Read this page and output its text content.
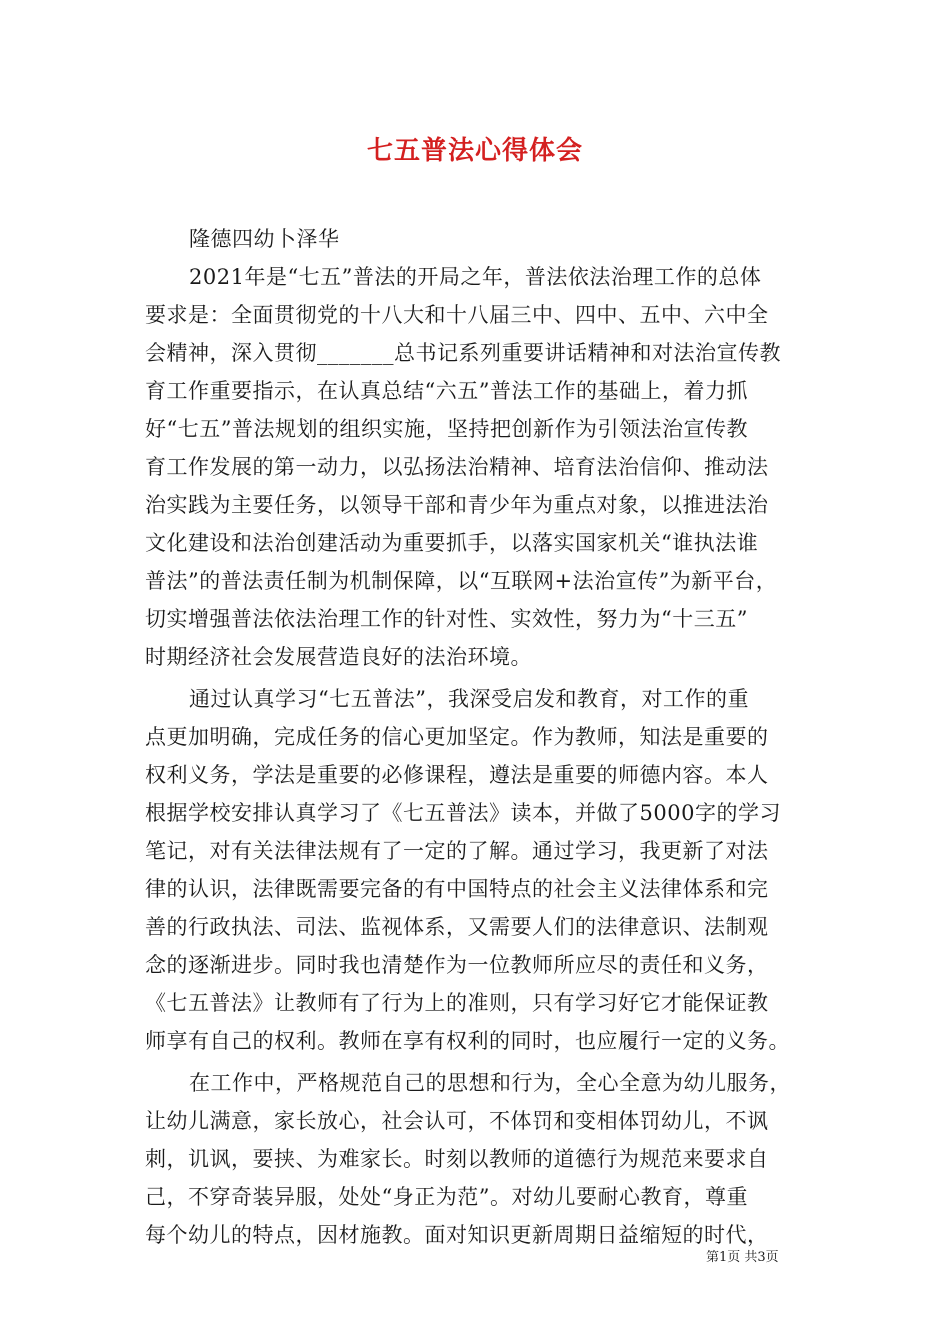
七五普法心得体会
隆德四幼卜泽华
2021年是“七五”普法的开局之年，普法依法治理工作的总体
要求是：全面贯彻党的十八大和十八届三中、四中、五中、六中全
会精神，深入贯彻_______总书记系列重要讲话精神和对法治宣传教
育工作重要指示，在认真总结“六五”普法工作的基础上，着力抓
好“七五”普法规划的组织实施，坚持把创新作为引领法治宣传教
育工作发展的第一动力，以弘扬法治精神、培育法治信仰、推动法
治实践为主要任务，以领导干部和青少年为重点对象，以推进法治
文化建设和法治创建活动为重要抓手，以落实国家机关“谁执法谁
普法”的普法责任制为机制保障，以“互联网+法治宣传”为新平台，
切实增强普法依法治理工作的针对性、实效性，努力为“十三五”
时期经济社会发展营造良好的法治环境。
通过认真学习“七五普法”，我深受启发和教育，对工作的重
点更加明确，完成任务的信心更加坚定。作为教师，知法是重要的
权利义务，学法是重要的必修课程，遵法是重要的师德内容。本人
根据学校安排认真学习了《七五普法》读本，并做了5000字的学习
笔记，对有关法律法规有了一定的了解。通过学习，我更新了对法
律的认识，法律既需要完备的有中国特点的社会主义法律体系和完
善的行政执法、司法、监视体系，又需要人们的法律意识、法制观
念的逐渐进步。同时我也清楚作为一位教师所应尽的责任和义务，
《七五普法》让教师有了行为上的准则，只有学习好它才能保证教
师享有自己的权利。教师在享有权利的同时，也应履行一定的义务。
在工作中，严格规范自己的思想和行为，全心全意为幼儿服务，
让幼儿满意，家长放心，社会认可，不体罚和变相体罚幼儿，不讽
刺，讥讽，要挟、为难家长。时刻以教师的道德行为规范来要求自
己，不穿奇装异服，处处“身正为范”。对幼儿要耐心教育，尊重
每个幼儿的特点，因材施教。面对知识更新周期日益缩短的时代，
第1页 共3页
